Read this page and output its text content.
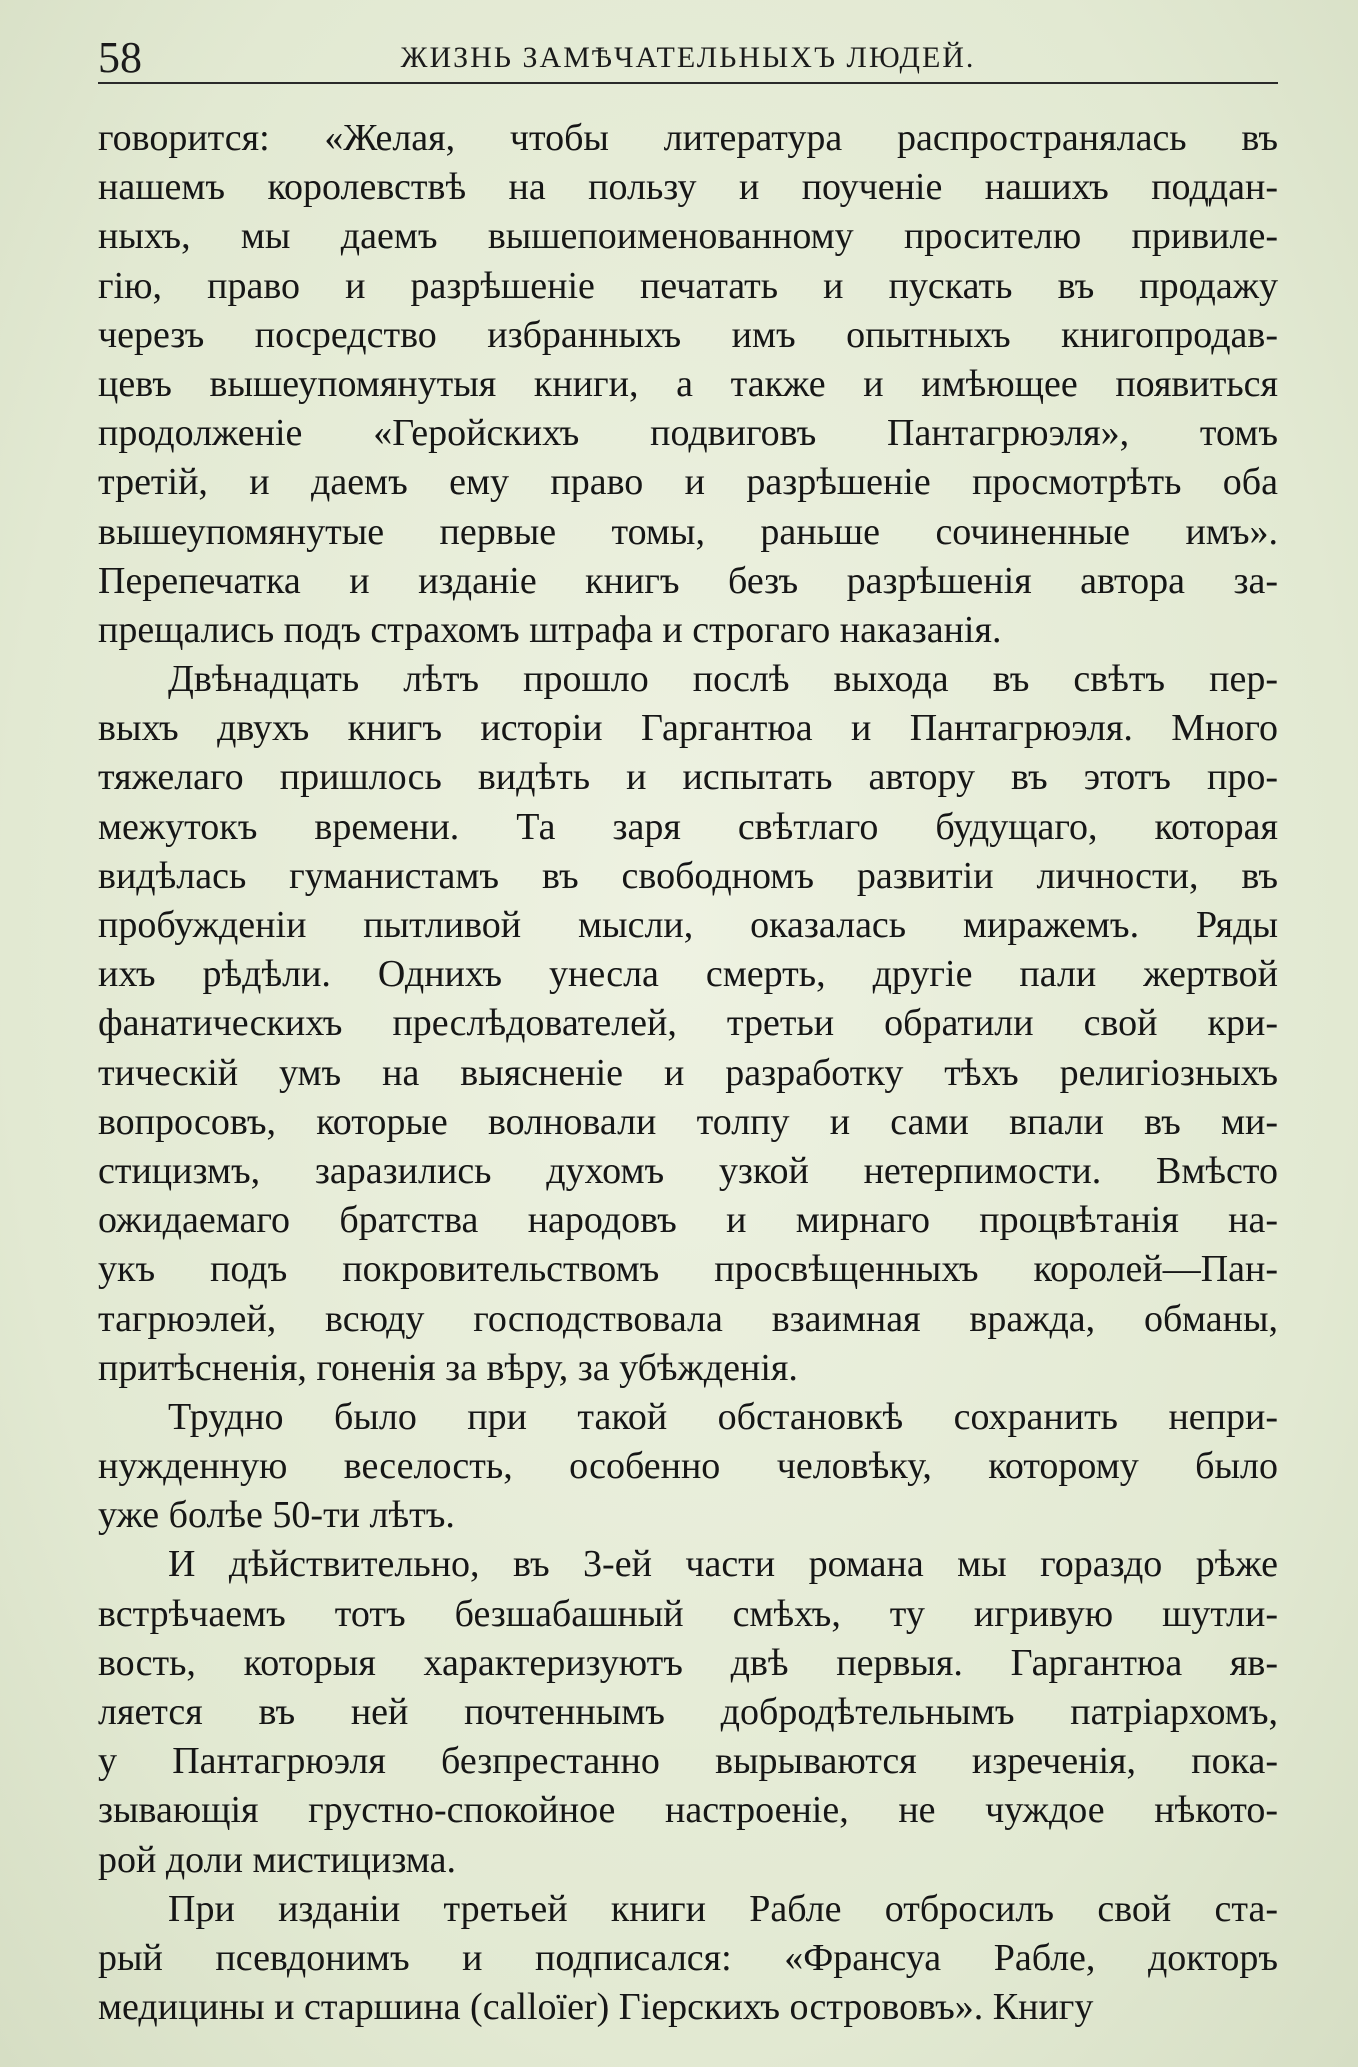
58	ЖИЗНЬ ЗАМѢЧАТЕЛЬНЫХЪ ЛЮДЕЙ.
говорится: «Желая, чтобы литература распространялась въ
нашемъ королевствѣ на пользу и поученіе нашихъ поддан-
ныхъ, мы даемъ вышепоименованному просителю привиле-
гію, право и разрѣшеніе печатать и пускать въ продажу
черезъ посредство избранныхъ имъ опытныхъ книгопродав-
цевъ вышеупомянутыя книги, а также и имѣющее появиться
продолженіе «Геройскихъ подвиговъ Пантагрюэля», томъ
третій, и даемъ ему право и разрѣшеніе просмотрѣть оба
вышеупомянутые первые томы, раньше сочиненные имъ».
Перепечатка и изданіе книгъ безъ разрѣшенія автора за-
прещались подъ страхомъ штрафа и строгаго наказанія.
Двѣнадцать лѣтъ прошло послѣ выхода въ свѣтъ пер-
выхъ двухъ книгъ исторіи Гаргантюа и Пантагрюэля. Много
тяжелаго пришлось видѣть и испытать автору въ этотъ про-
межутокъ времени. Та заря свѣтлаго будущаго, которая
видѣлась гуманистамъ въ свободномъ развитіи личности, въ
пробужденіи пытливой мысли, оказалась миражемъ. Ряды
ихъ рѣдѣли. Однихъ унесла смерть, другіе пали жертвой
фанатическихъ преслѣдователей, третьи обратили свой кри-
тическій умъ на выясненіе и разработку тѣхъ религіозныхъ
вопросовъ, которые волновали толпу и сами впали въ ми-
стицизмъ, заразились духомъ узкой нетерпимости. Вмѣсто
ожидаемаго братства народовъ и мирнаго процвѣтанія на-
укъ подъ покровительствомъ просвѣщенныхъ королей—Пан-
тагрюэлей, всюду господствовала взаимная вражда, обманы,
притѣсненія, гоненія за вѣру, за убѣжденія.
Трудно было при такой обстановкѣ сохранить непри-
нужденную веселость, особенно человѣку, которому было
уже болѣе 50-ти лѣтъ.
И дѣйствительно, въ 3-ей части романа мы гораздо рѣже
встрѣчаемъ тотъ безшабашный смѣхъ, ту игривую шутли-
вость, которыя характеризуютъ двѣ первыя. Гаргантюа яв-
ляется въ ней почтеннымъ добродѣтельнымъ патріархомъ,
у Пантагрюэля безпрестанно вырываются изреченія, пока-
зывающія грустно-спокойное настроеніе, не чуждое нѣкото-
рой доли мистицизма.
При изданіи третьей книги Рабле отбросилъ свой ста-
рый псевдонимъ и подписался: «Франсуа Рабле, докторъ
медицины и старшина (calloïer) Гіерскихъ острововъ». Книгу
